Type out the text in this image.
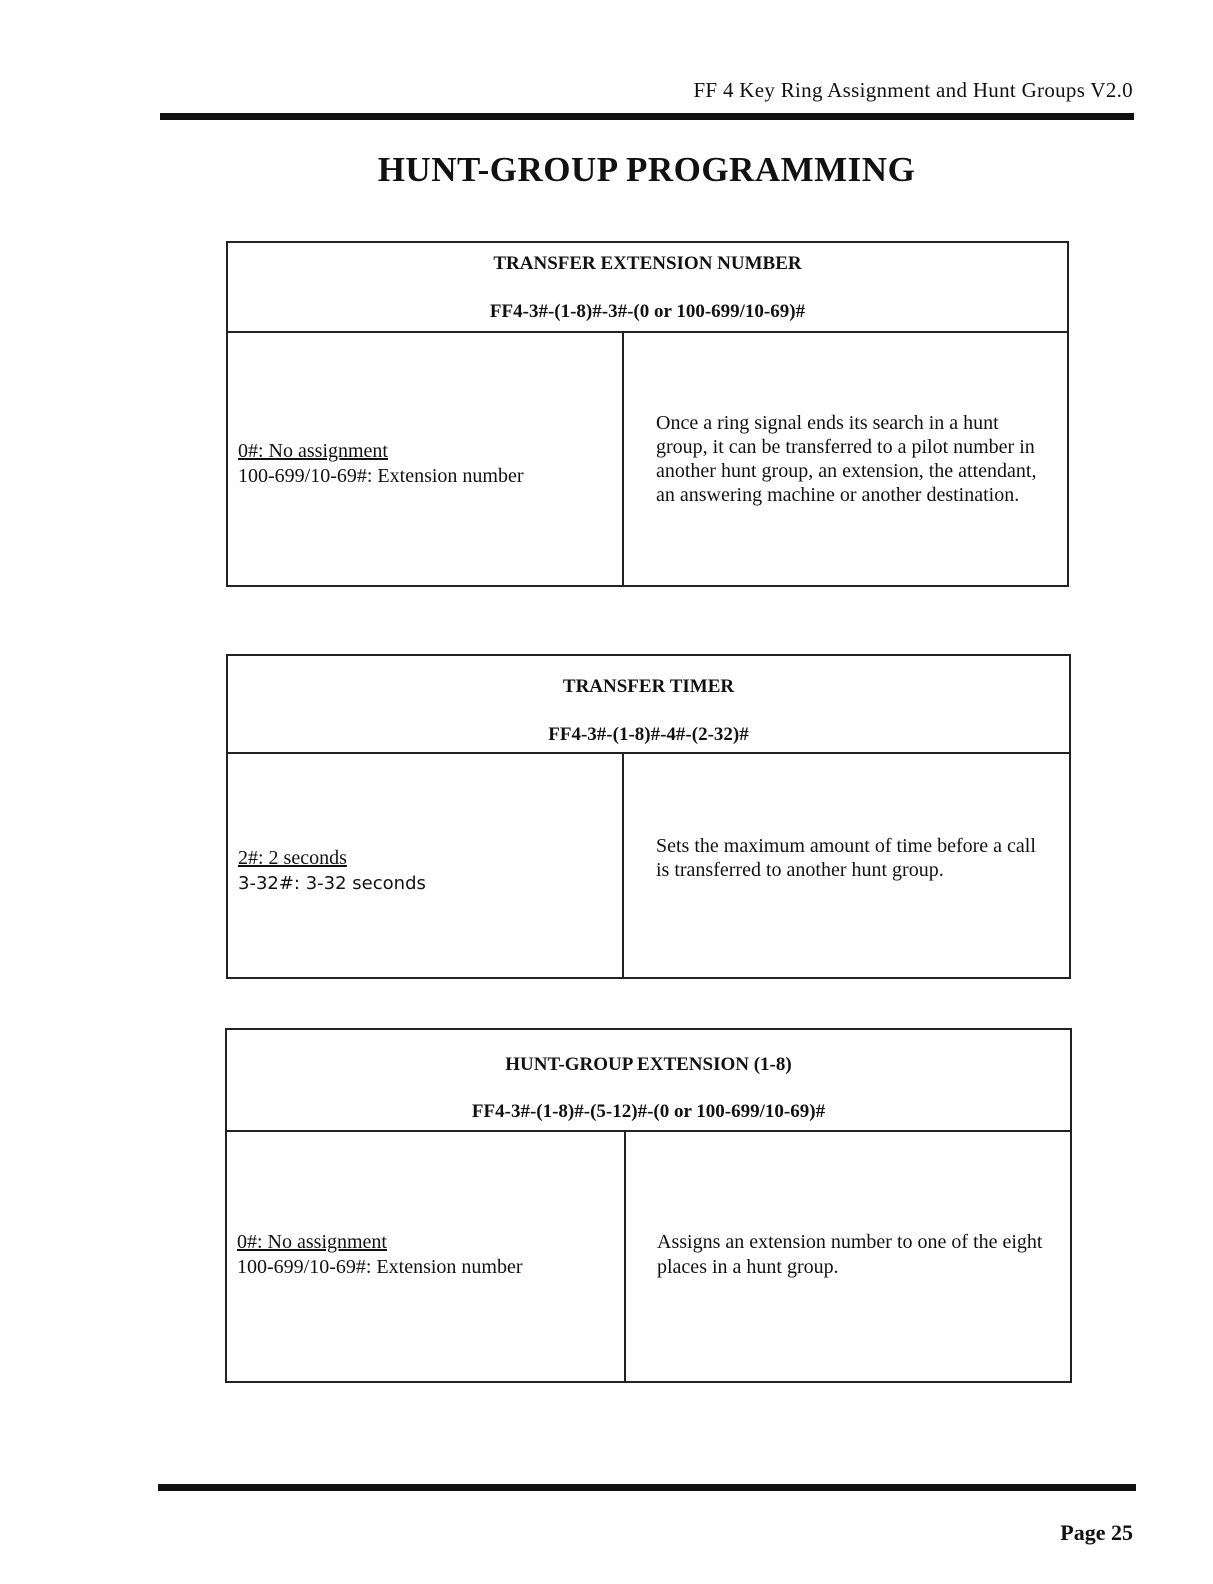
FF 4 Key Ring Assignment and Hunt Groups V2.0
HUNT-GROUP PROGRAMMING
TRANSFER EXTENSION NUMBER
FF4-3#-(1-8)#-3#-(0 or 100-699/10-69)#
0#: No assignment
100-699/10-69#: Extension number
Once a ring signal ends its search in a hunt group, it can be transferred to a pilot number in another hunt group, an extension, the attendant, an answering machine or another destination.
TRANSFER TIMER
FF4-3#-(1-8)#-4#-(2-32)#
2#: 2 seconds
3-32#: 3-32 seconds
Sets the maximum amount of time before a call is transferred to another hunt group.
HUNT-GROUP EXTENSION (1-8)
FF4-3#-(1-8)#-(5-12)#-(0 or 100-699/10-69)#
0#: No assignment
100-699/10-69#: Extension number
Assigns an extension number to one of the eight places in a hunt group.
Page 25
